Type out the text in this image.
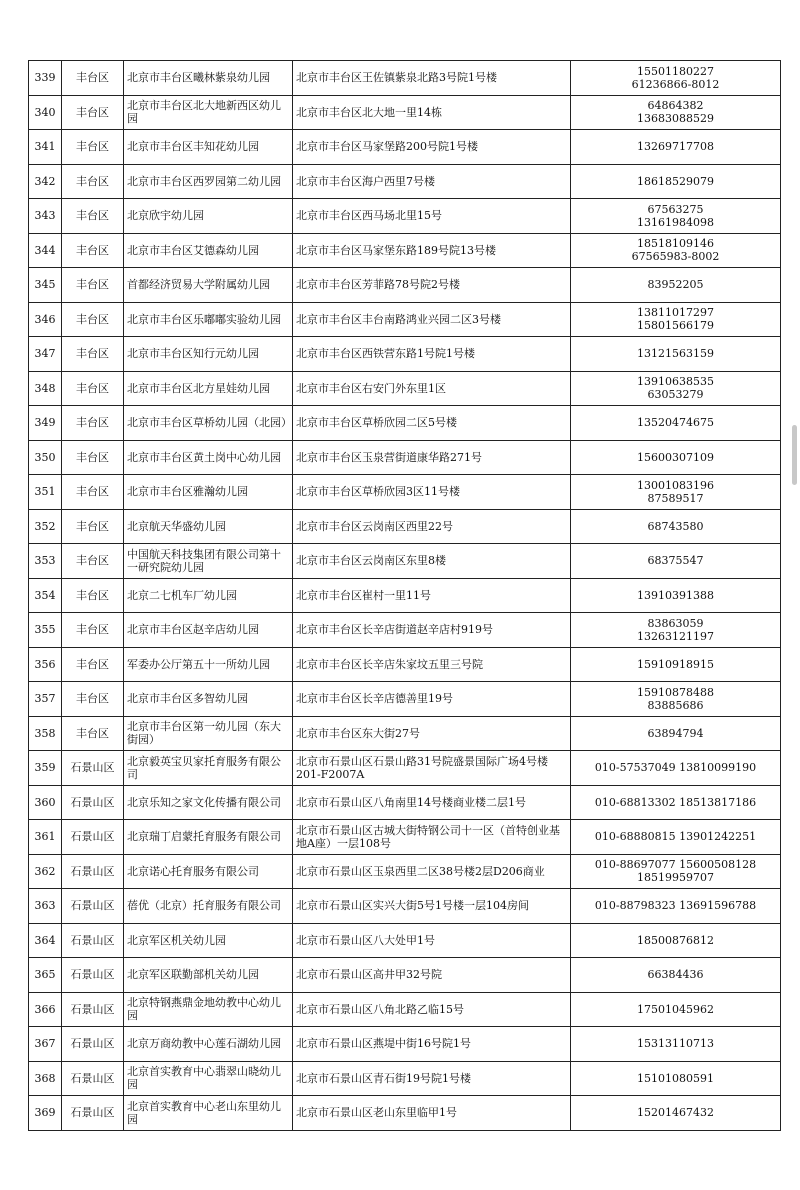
339	丰台区	北京市丰台区曦林紫泉幼儿园	北京市丰台区王佐镇紫泉北路3号院1号楼	15501180227
61236866-8012
340	丰台区	北京市丰台区北大地新西区幼儿园	北京市丰台区北大地一里14栋	64864382
13683088529
341	丰台区	北京市丰台区丰知花幼儿园	北京市丰台区马家堡路200号院1号楼	13269717708
342	丰台区	北京市丰台区西罗园第二幼儿园	北京市丰台区海户西里7号楼	18618529079
343	丰台区	北京欣宇幼儿园	北京市丰台区西马场北里15号	67563275
13161984098
344	丰台区	北京市丰台区艾德森幼儿园	北京市丰台区马家堡东路189号院13号楼	18518109146
67565983-8002
345	丰台区	首都经济贸易大学附属幼儿园	北京市丰台区芳菲路78号院2号楼	83952205
346	丰台区	北京市丰台区乐嘟嘟实验幼儿园	北京市丰台区丰台南路鸿业兴园二区3号楼	13811017297
15801566179
347	丰台区	北京市丰台区知行元幼儿园	北京市丰台区西铁营东路1号院1号楼	13121563159
348	丰台区	北京市丰台区北方星娃幼儿园	北京市丰台区右安门外东里1区	13910638535
63053279
349	丰台区	北京市丰台区草桥幼儿园（北园）	北京市丰台区草桥欣园二区5号楼	13520474675
350	丰台区	北京市丰台区黄土岗中心幼儿园	北京市丰台区玉泉营街道康华路271号	15600307109
351	丰台区	北京市丰台区雅瀚幼儿园	北京市丰台区草桥欣园3区11号楼	13001083196
87589517
352	丰台区	北京航天华盛幼儿园	北京市丰台区云岗南区西里22号	68743580
353	丰台区	中国航天科技集团有限公司第十一研究院幼儿园	北京市丰台区云岗南区东里8楼	68375547
354	丰台区	北京二七机车厂幼儿园	北京市丰台区崔村一里11号	13910391388
355	丰台区	北京市丰台区赵辛店幼儿园	北京市丰台区长辛店街道赵辛店村919号	83863059
13263121197
356	丰台区	军委办公厅第五十一所幼儿园	北京市丰台区长辛店朱家坟五里三号院	15910918915
357	丰台区	北京市丰台区多智幼儿园	北京市丰台区长辛店德善里19号	15910878488
83885686
358	丰台区	北京市丰台区第一幼儿园（东大街园）	北京市丰台区东大街27号	63894794
359	石景山区	北京毅英宝贝家托育服务有限公司	北京市石景山区石景山路31号院盛景国际广场4号楼201-F2007A	010-57537049 13810099190
360	石景山区	北京乐知之家文化传播有限公司	北京市石景山区八角南里14号楼商业楼二层1号	010-68813302 18513817186
361	石景山区	北京瑞丁启蒙托育服务有限公司	北京市石景山区古城大街特钢公司十一区（首特创业基地A座）一层108号	010-68880815 13901242251
362	石景山区	北京诺心托育服务有限公司	北京市石景山区玉泉西里二区38号楼2层D206商业	010-88697077 15600508128
18519959707
363	石景山区	蓓优（北京）托育服务有限公司	北京市石景山区实兴大街5号1号楼一层104房间	010-88798323 13691596788
364	石景山区	北京军区机关幼儿园	北京市石景山区八大处甲1号	18500876812
365	石景山区	北京军区联勤部机关幼儿园	北京市石景山区高井甲32号院	66384436
366	石景山区	北京特钢燕鼎金地幼教中心幼儿园	北京市石景山区八角北路乙临15号	17501045962
367	石景山区	北京万商幼教中心莲石湖幼儿园	北京市石景山区燕堤中街16号院1号	15313110713
368	石景山区	北京首实教育中心翡翠山晓幼儿园	北京市石景山区青石街19号院1号楼	15101080591
369	石景山区	北京首实教育中心老山东里幼儿园	北京市石景山区老山东里临甲1号	15201467432
